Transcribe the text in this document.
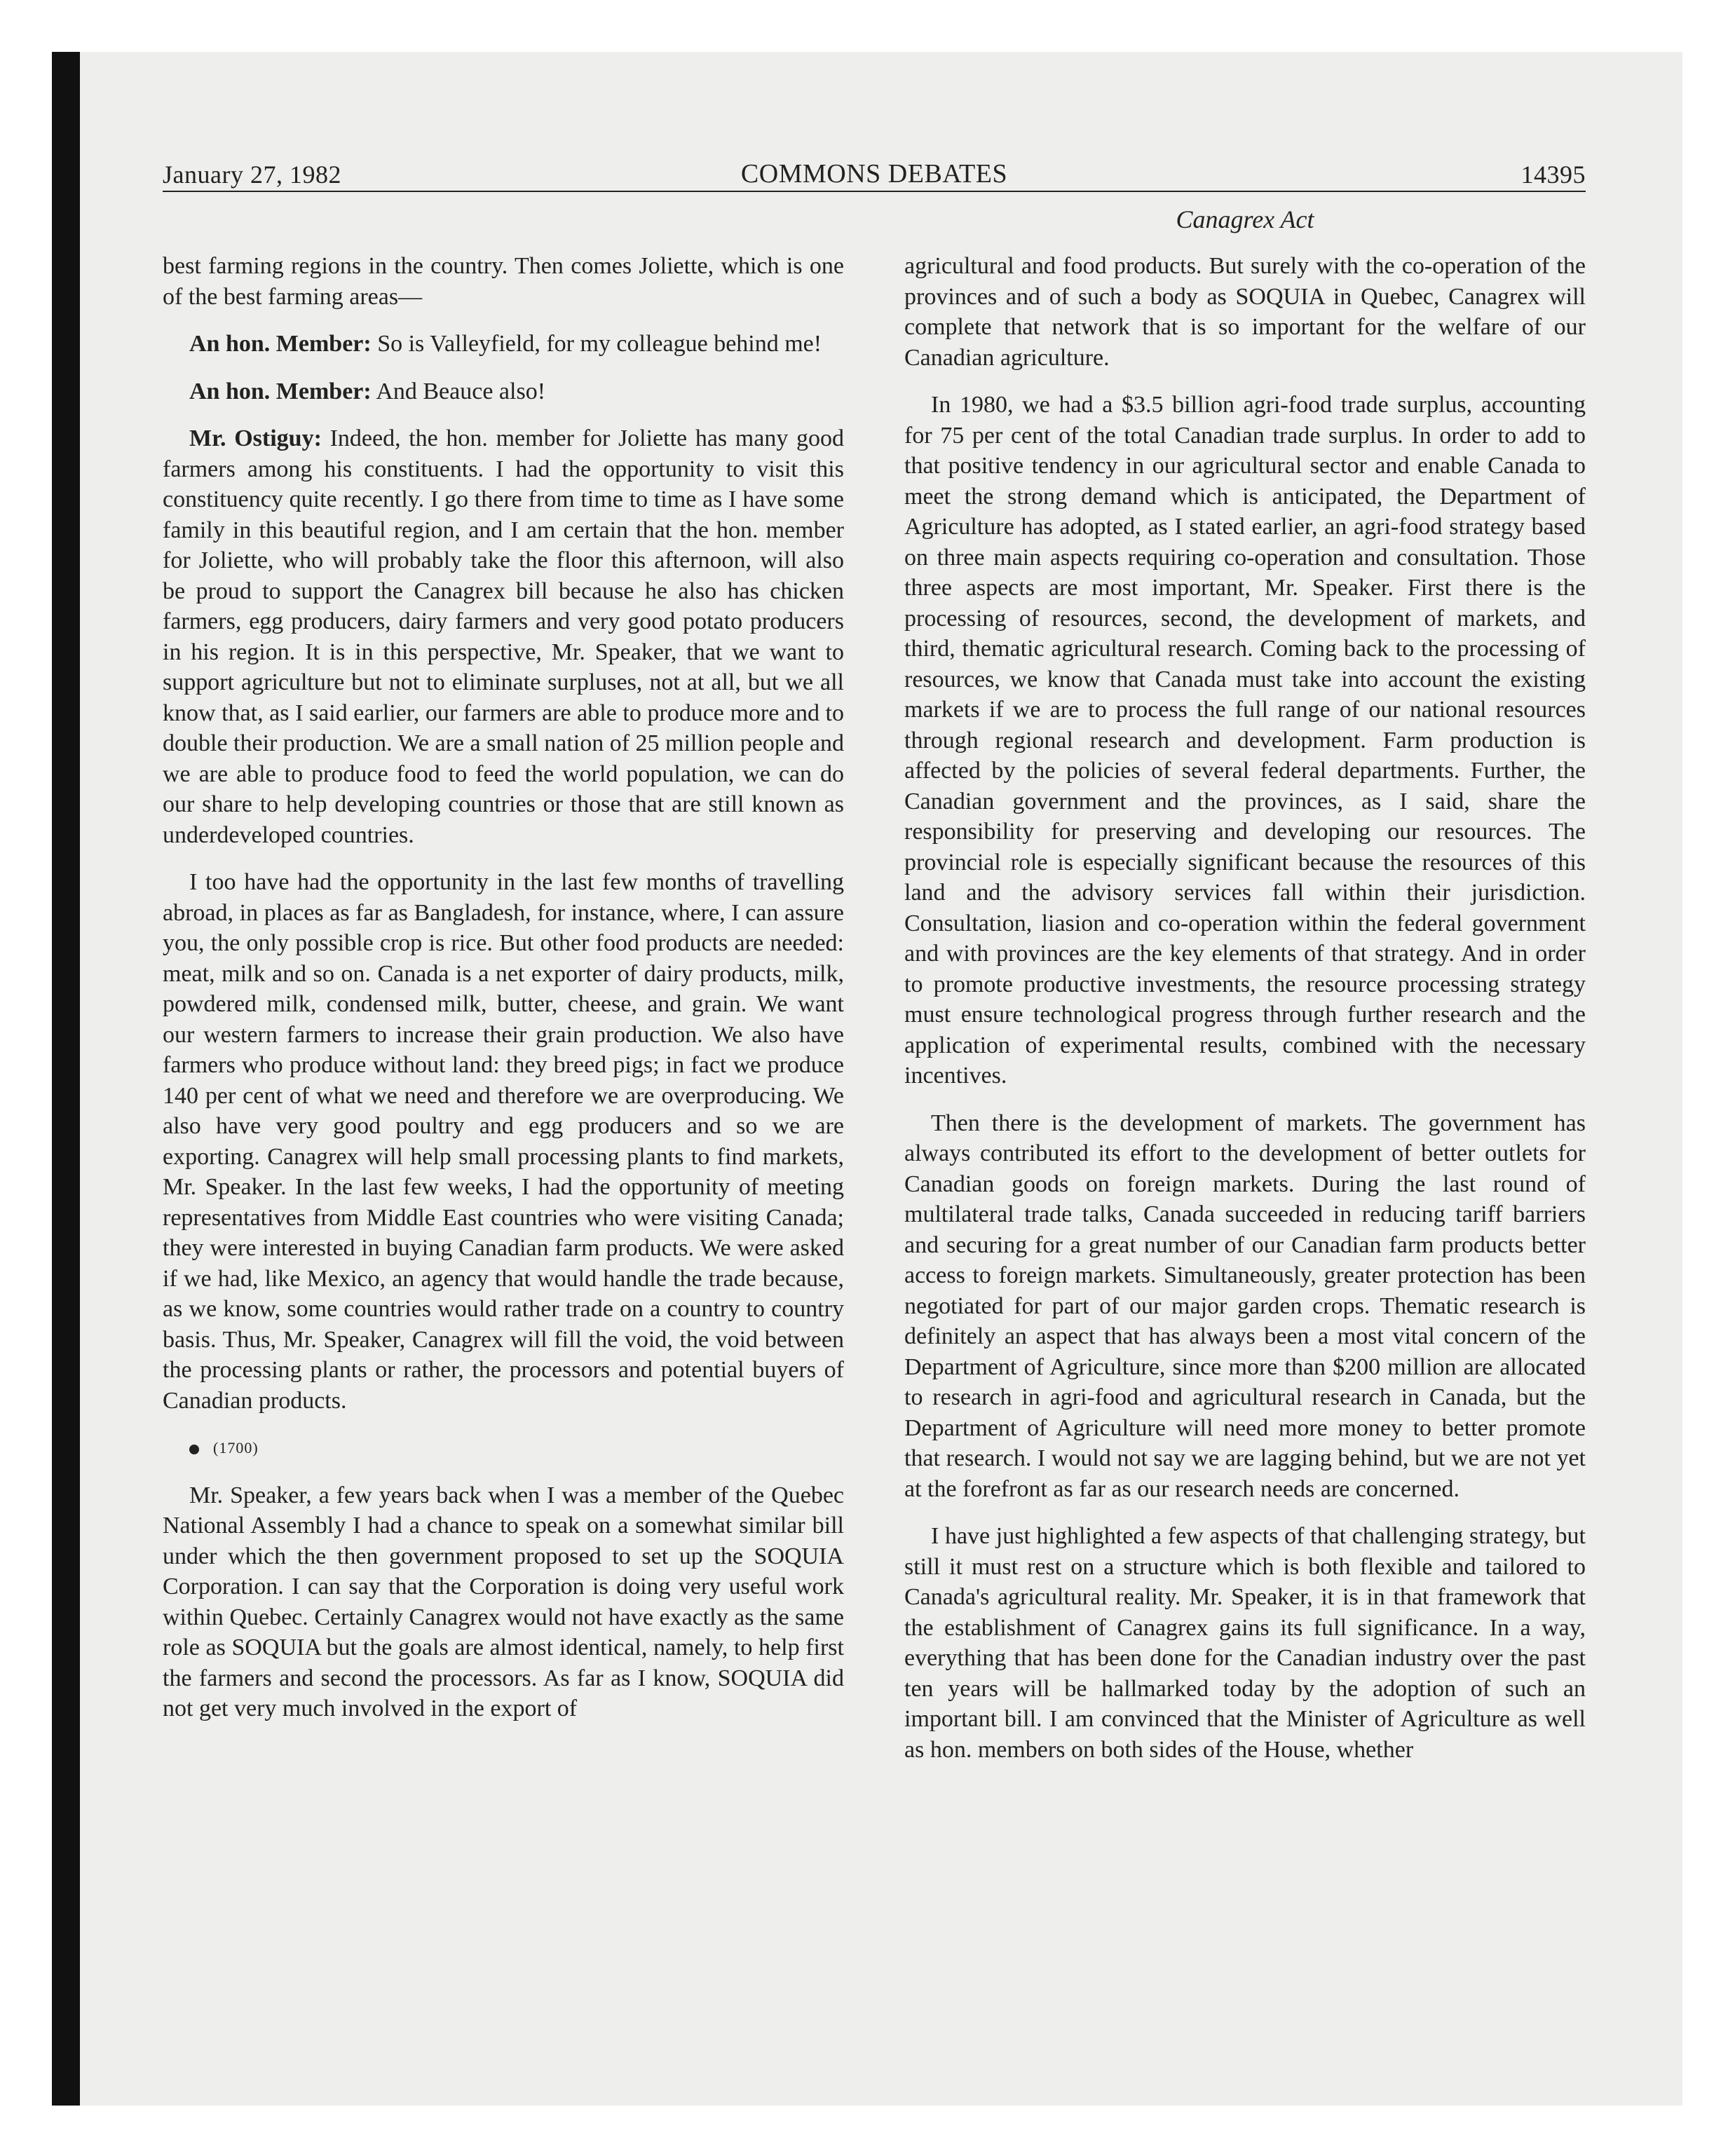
January 27, 1982	COMMONS DEBATES	14395
Canagrex Act

best farming regions in the country. Then comes Joliette, which is one of the best farming areas—

An hon. Member: So is Valleyfield, for my colleague behind me!

An hon. Member: And Beauce also!

Mr. Ostiguy: Indeed, the hon. member for Joliette has many good farmers among his constituents. I had the opportunity to visit this constituency quite recently. I go there from time to time as I have some family in this beautiful region, and I am certain that the hon. member for Joliette, who will probably take the floor this afternoon, will also be proud to support the Canagrex bill because he also has chicken farmers, egg producers, dairy farmers and very good potato producers in his region. It is in this perspective, Mr. Speaker, that we want to support agriculture but not to eliminate surpluses, not at all, but we all know that, as I said earlier, our farmers are able to produce more and to double their production. We are a small nation of 25 million people and we are able to produce food to feed the world population, we can do our share to help developing countries or those that are still known as underdeveloped countries.

I too have had the opportunity in the last few months of travelling abroad, in places as far as Bangladesh, for instance, where, I can assure you, the only possible crop is rice. But other food products are needed: meat, milk and so on. Canada is a net exporter of dairy products, milk, powdered milk, condensed milk, butter, cheese, and grain. We want our western farmers to increase their grain production. We also have farmers who produce without land: they breed pigs; in fact we produce 140 per cent of what we need and therefore we are overproducing. We also have very good poultry and egg producers and so we are exporting. Canagrex will help small processing plants to find markets, Mr. Speaker. In the last few weeks, I had the opportunity of meeting representatives from Middle East countries who were visiting Canada; they were interested in buying Canadian farm products. We were asked if we had, like Mexico, an agency that would handle the trade because, as we know, some countries would rather trade on a country to country basis. Thus, Mr. Speaker, Canagrex will fill the void, the void between the processing plants or rather, the processors and potential buyers of Canadian products.

(1700)

Mr. Speaker, a few years back when I was a member of the Quebec National Assembly I had a chance to speak on a somewhat similar bill under which the then government proposed to set up the SOQUIA Corporation. I can say that the Corporation is doing very useful work within Quebec. Certainly Canagrex would not have exactly as the same role as SOQUIA but the goals are almost identical, namely, to help first the farmers and second the processors. As far as I know, SOQUIA did not get very much involved in the export of

agricultural and food products. But surely with the co-operation of the provinces and of such a body as SOQUIA in Quebec, Canagrex will complete that network that is so important for the welfare of our Canadian agriculture.

In 1980, we had a $3.5 billion agri-food trade surplus, accounting for 75 per cent of the total Canadian trade surplus. In order to add to that positive tendency in our agricultural sector and enable Canada to meet the strong demand which is anticipated, the Department of Agriculture has adopted, as I stated earlier, an agri-food strategy based on three main aspects requiring co-operation and consultation. Those three aspects are most important, Mr. Speaker. First there is the processing of resources, second, the development of markets, and third, thematic agricultural research. Coming back to the processing of resources, we know that Canada must take into account the existing markets if we are to process the full range of our national resources through regional research and development. Farm production is affected by the policies of several federal departments. Further, the Canadian government and the provinces, as I said, share the responsibility for preserving and developing our resources. The provincial role is especially significant because the resources of this land and the advisory services fall within their jurisdiction. Consultation, liasion and co-operation within the federal government and with provinces are the key elements of that strategy. And in order to promote productive investments, the resource processing strategy must ensure technological progress through further research and the application of experimental results, combined with the necessary incentives.

Then there is the development of markets. The government has always contributed its effort to the development of better outlets for Canadian goods on foreign markets. During the last round of multilateral trade talks, Canada succeeded in reducing tariff barriers and securing for a great number of our Canadian farm products better access to foreign markets. Simultaneously, greater protection has been negotiated for part of our major garden crops. Thematic research is definitely an aspect that has always been a most vital concern of the Department of Agriculture, since more than $200 million are allocated to research in agri-food and agricultural research in Canada, but the Department of Agriculture will need more money to better promote that research. I would not say we are lagging behind, but we are not yet at the forefront as far as our research needs are concerned.

I have just highlighted a few aspects of that challenging strategy, but still it must rest on a structure which is both flexible and tailored to Canada's agricultural reality. Mr. Speaker, it is in that framework that the establishment of Canagrex gains its full significance. In a way, everything that has been done for the Canadian industry over the past ten years will be hallmarked today by the adoption of such an important bill. I am convinced that the Minister of Agriculture as well as hon. members on both sides of the House, whether
